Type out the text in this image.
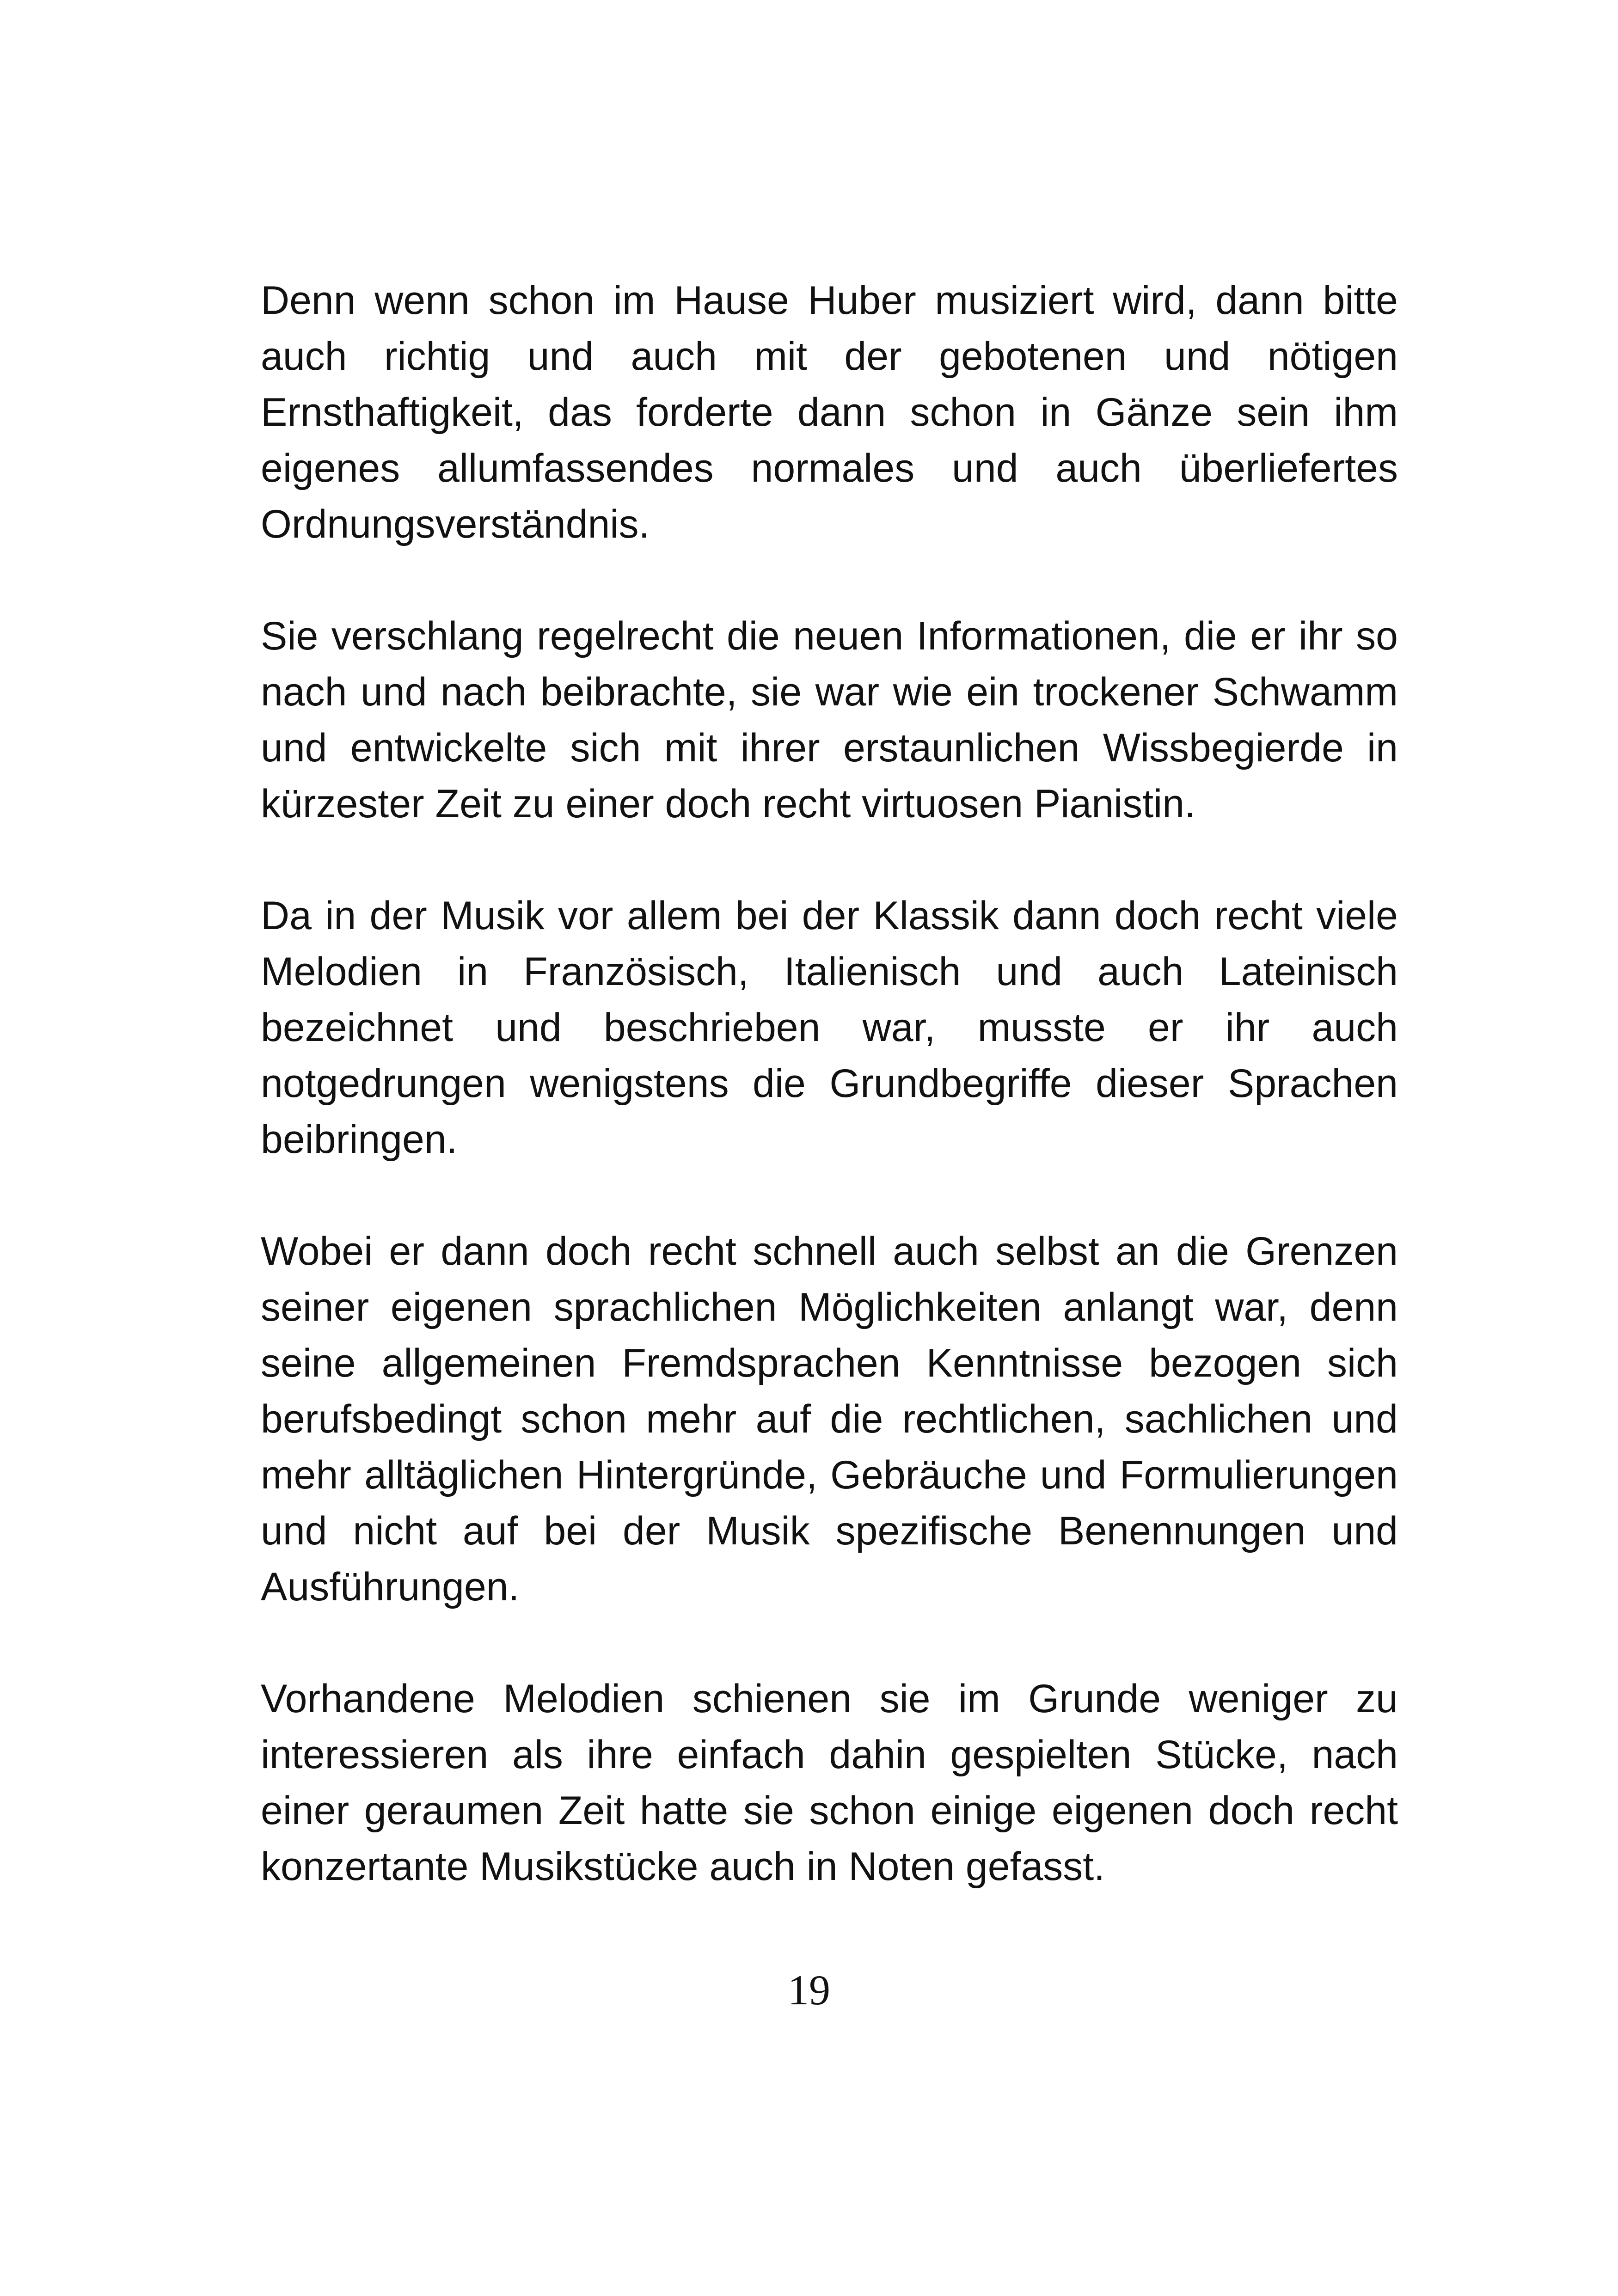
Denn wenn schon im Hause Huber musiziert wird, dann bitte auch richtig und auch mit der gebotenen und nötigen Ernsthaftigkeit, das forderte dann schon in Gänze sein ihm eigenes allumfassendes normales und auch überliefertes Ordnungsverständnis.

Sie verschlang regelrecht die neuen Informationen, die er ihr so nach und nach beibrachte, sie war wie ein trockener Schwamm und entwickelte sich mit ihrer erstaunlichen Wissbegierde in kürzester Zeit zu einer doch recht virtuosen Pianistin.

Da in der Musik vor allem bei der Klassik dann doch recht viele Melodien in Französisch, Italienisch und auch Lateinisch bezeichnet und beschrieben war, musste er ihr auch notgedrungen wenigstens die Grundbegriffe dieser Sprachen beibringen.

Wobei er dann doch recht schnell auch selbst an die Grenzen seiner eigenen sprachlichen Möglichkeiten anlangt war, denn seine allgemeinen Fremdsprachen Kenntnisse bezogen sich berufsbedingt schon mehr auf die rechtlichen, sachlichen und mehr alltäglichen Hintergründe, Gebräuche und Formulierungen und nicht auf bei der Musik spezifische Benennungen und Ausführungen.

Vorhandene Melodien schienen sie im Grunde weniger zu interessieren als ihre einfach dahin gespielten Stücke, nach einer geraumen Zeit hatte sie schon einige eigenen doch recht konzertante Musikstücke auch in Noten gefasst.

19
